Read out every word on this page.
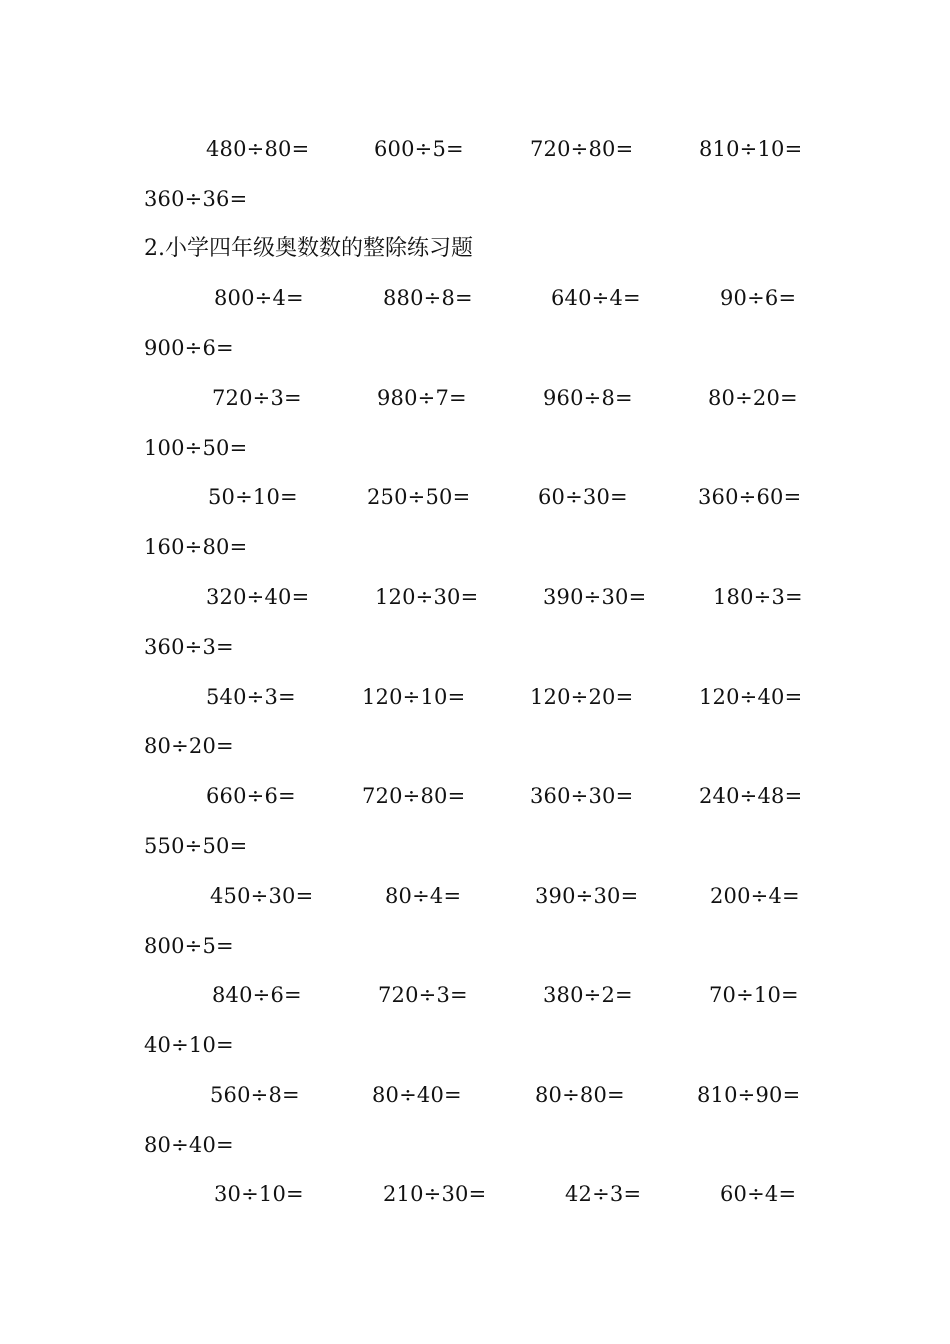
480÷80=	600÷5=	720÷80=	810÷10=
360÷36=
2.小学四年级奥数数的整除练习题
800÷4=	880÷8=	640÷4=	90÷6=
900÷6=
720÷3=	980÷7=	960÷8=	80÷20=
100÷50=
50÷10=	250÷50=	60÷30=	360÷60=
160÷80=
320÷40=	120÷30=	390÷30=	180÷3=
360÷3=
540÷3=	120÷10=	120÷20=	120÷40=
80÷20=
660÷6=	720÷80=	360÷30=	240÷48=
550÷50=
450÷30=	80÷4=	390÷30=	200÷4=
800÷5=
840÷6=	720÷3=	380÷2=	70÷10=
40÷10=
560÷8=	80÷40=	80÷80=	810÷90=
80÷40=
30÷10=	210÷30=	42÷3=	60÷4=
